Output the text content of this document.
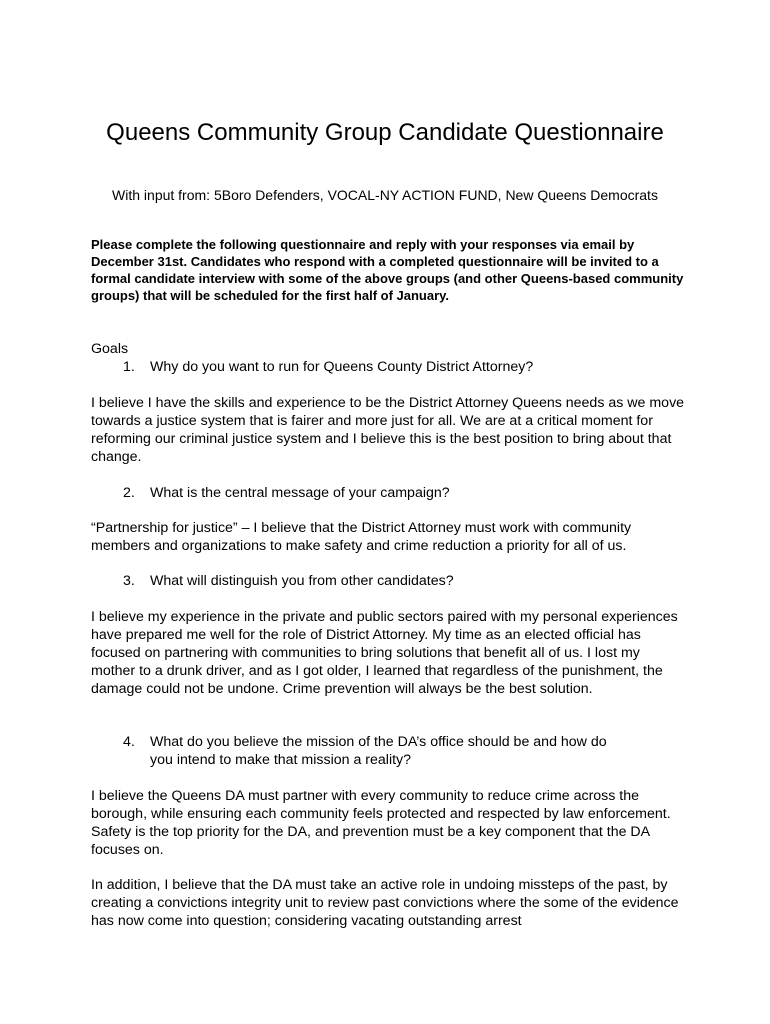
Queens Community Group Candidate Questionnaire

With input from: 5Boro Defenders, VOCAL-NY ACTION FUND, New Queens Democrats

Please complete the following questionnaire and reply with your responses via email by December 31st. Candidates who respond with a completed questionnaire will be invited to a formal candidate interview with some of the above groups (and other Queens-based community groups) that will be scheduled for the first half of January.

Goals

1.	Why do you want to run for Queens County District Attorney?

I believe I have the skills and experience to be the District Attorney Queens needs as we move towards a justice system that is fairer and more just for all. We are at a critical moment for reforming our criminal justice system and I believe this is the best position to bring about that change.

2.	What is the central message of your campaign?

“Partnership for justice” – I believe that the District Attorney must work with community members and organizations to make safety and crime reduction a priority for all of us.

3.	What will distinguish you from other candidates?

I believe my experience in the private and public sectors paired with my personal experiences have prepared me well for the role of District Attorney. My time as an elected official has focused on partnering with communities to bring solutions that benefit all of us. I lost my mother to a drunk driver, and as I got older, I learned that regardless of the punishment, the damage could not be undone. Crime prevention will always be the best solution.

4.	What do you believe the mission of the DA’s office should be and how do you intend to make that mission a reality?

I believe the Queens DA must partner with every community to reduce crime across the borough, while ensuring each community feels protected and respected by law enforcement. Safety is the top priority for the DA, and prevention must be a key component that the DA focuses on.

In addition, I believe that the DA must take an active role in undoing missteps of the past, by creating a convictions integrity unit to review past convictions where the some of the evidence has now come into question; considering vacating outstanding arrest
